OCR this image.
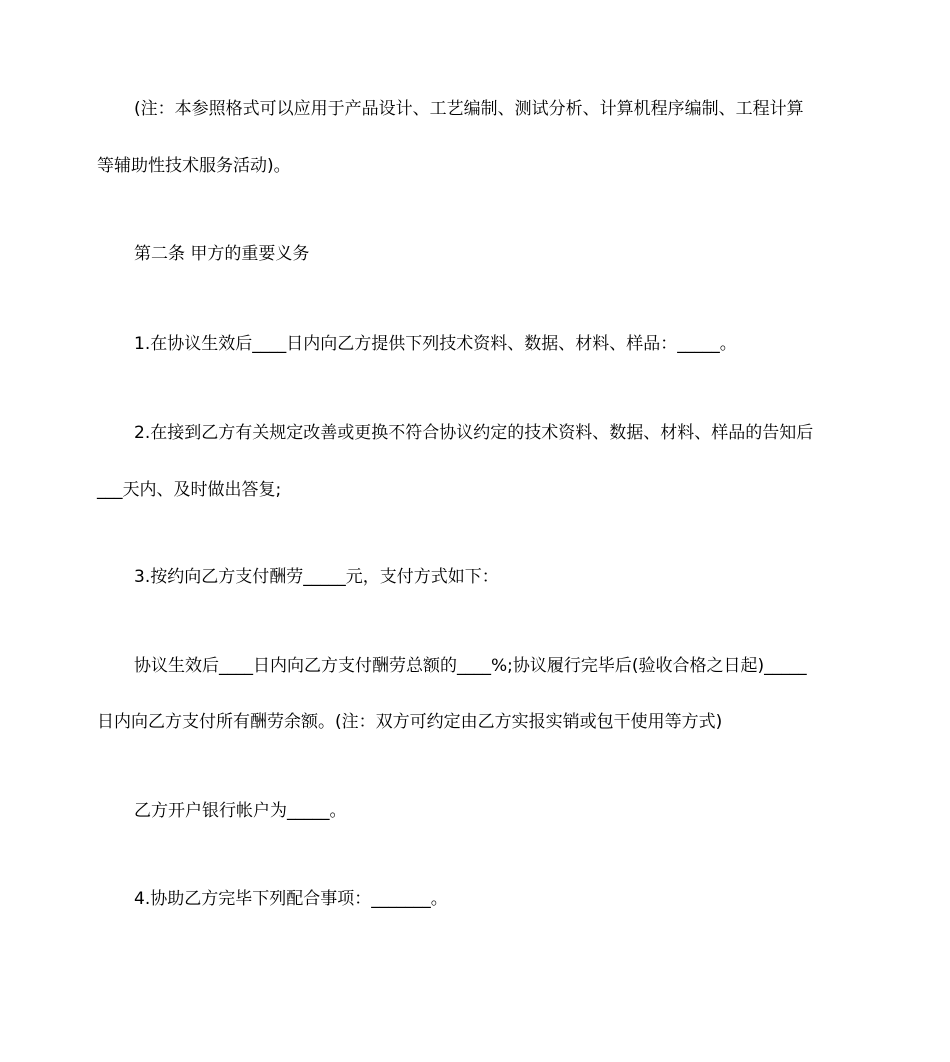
(注：本参照格式可以应用于产品设计、工艺编制、测试分析、计算机程序编制、工程计算
等辅助性技术服务活动)。
第二条 甲方的重要义务
1.在协议生效后____日内向乙方提供下列技术资料、数据、材料、样品：_____。
2.在接到乙方有关规定改善或更换不符合协议约定的技术资料、数据、材料、样品的告知后
___天内、及时做出答复;
3.按约向乙方支付酬劳_____元，支付方式如下：
协议生效后____日内向乙方支付酬劳总额的____%;协议履行完毕后(验收合格之日起)_____
日内向乙方支付所有酬劳余额。(注：双方可约定由乙方实报实销或包干使用等方式)
乙方开户银行帐户为_____。
4.协助乙方完毕下列配合事项：_______。
